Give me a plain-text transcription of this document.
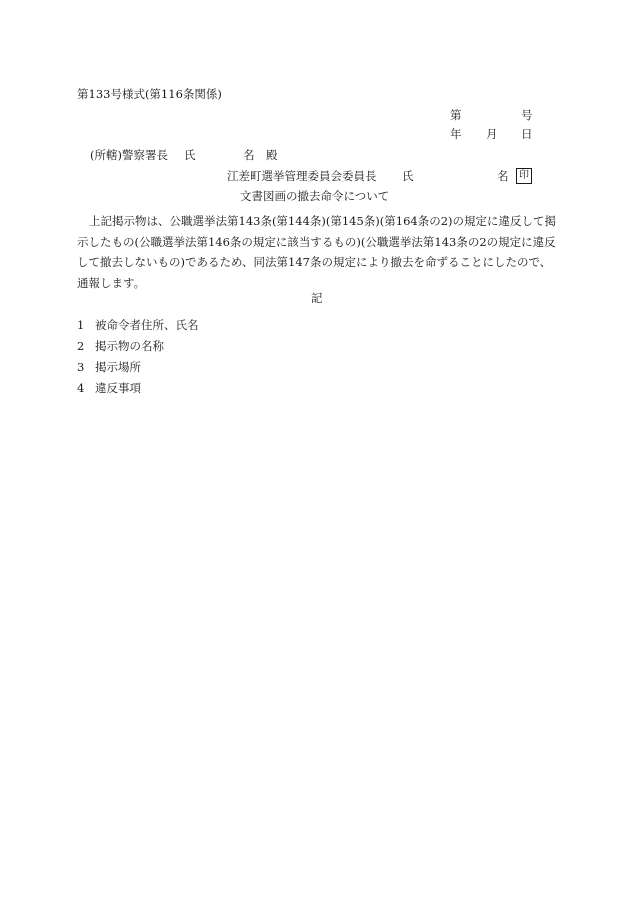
第133号様式(第116条関係)
第	号
年 月 日
(所轄)警察署長 氏	名 殿
江差町選挙管理委員会委員長 氏	名	印
文書図画の撤去命令について
上記掲示物は、公職選挙法第143条(第144条)(第145条)(第164条の2)の規定に違反して掲示したもの(公職選挙法第146条の規定に該当するもの)(公職選挙法第143条の2の規定に違反して撤去しないもの)であるため、同法第147条の規定により撤去を命ずることにしたので、通報します。
記
1 被命令者住所、氏名
2 掲示物の名称
3 掲示場所
4 違反事項
